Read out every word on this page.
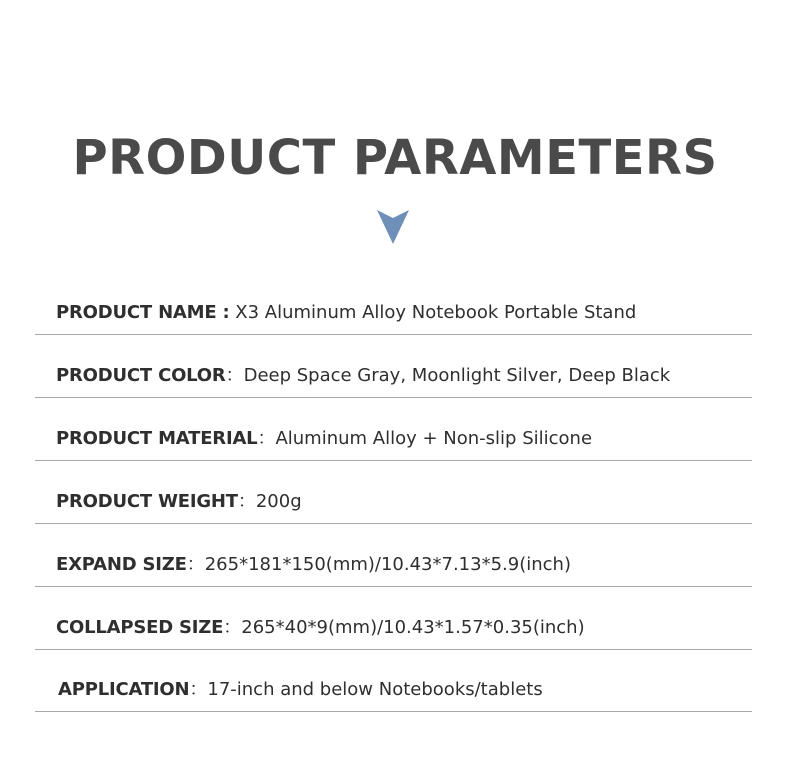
PRODUCT PARAMETERS
PRODUCT NAME : X3 Aluminum Alloy Notebook Portable Stand
PRODUCT COLOR：Deep Space Gray, Moonlight Silver, Deep Black
PRODUCT MATERIAL：Aluminum Alloy + Non-slip Silicone
PRODUCT WEIGHT：200g
EXPAND SIZE：265*181*150(mm)/10.43*7.13*5.9(inch)
COLLAPSED SIZE：265*40*9(mm)/10.43*1.57*0.35(inch)
APPLICATION：17-inch and below Notebooks/tablets
